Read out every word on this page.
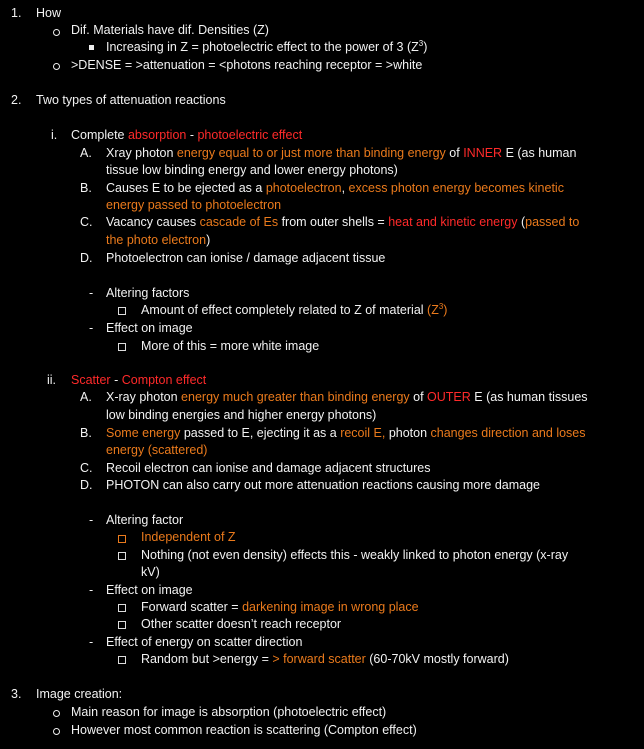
1. How
Dif. Materials have dif. Densities (Z)
Increasing in Z = photoelectric effect to the power of 3 $(Z^3)$
>DENSE = >attenuation = <photons reaching receptor = >white
2. Two types of attenuation reactions
i. Complete absorption - photoelectric effect
A. Xray photon energy equal to or just more than binding energy of INNER E (as human
tissue low binding energy and lower energy photons)
B. Causes E to be ejected as a photoelectron, excess photon energy becomes kinetic
energy passed to photoelectron
C. Vacancy causes cascade of Es from outer shells = heat and kinetic energy (passed to
the photo electron)
D. Photoelectron can ionise / damage adjacent tissue
- Altering factors
Amount of effect completely related to Z of material $(Z^3)$
- Effect on image
More of this = more white image
ii. Scatter - Compton effect
A. X-ray photon energy much greater than binding energy of OUTER E (as human tissues
low binding energies and higher energy photons)
B. Some energy passed to E, ejecting it as a recoil E, photon changes direction and loses
energy (scattered)
C. Recoil electron can ionise and damage adjacent structures
D. PHOTON can also carry out more attenuation reactions causing more damage
- Altering factor
Independent of Z
Nothing (not even density) effects this - weakly linked to photon energy (x-ray
kV)
- Effect on image
Forward scatter = darkening image in wrong place
Other scatter doesn’t reach receptor
- Effect of energy on scatter direction
Random but >energy = > forward scatter (60-70kV mostly forward)
3. Image creation:
Main reason for image is absorption (photoelectric effect)
However most common reaction is scattering (Compton effect)
